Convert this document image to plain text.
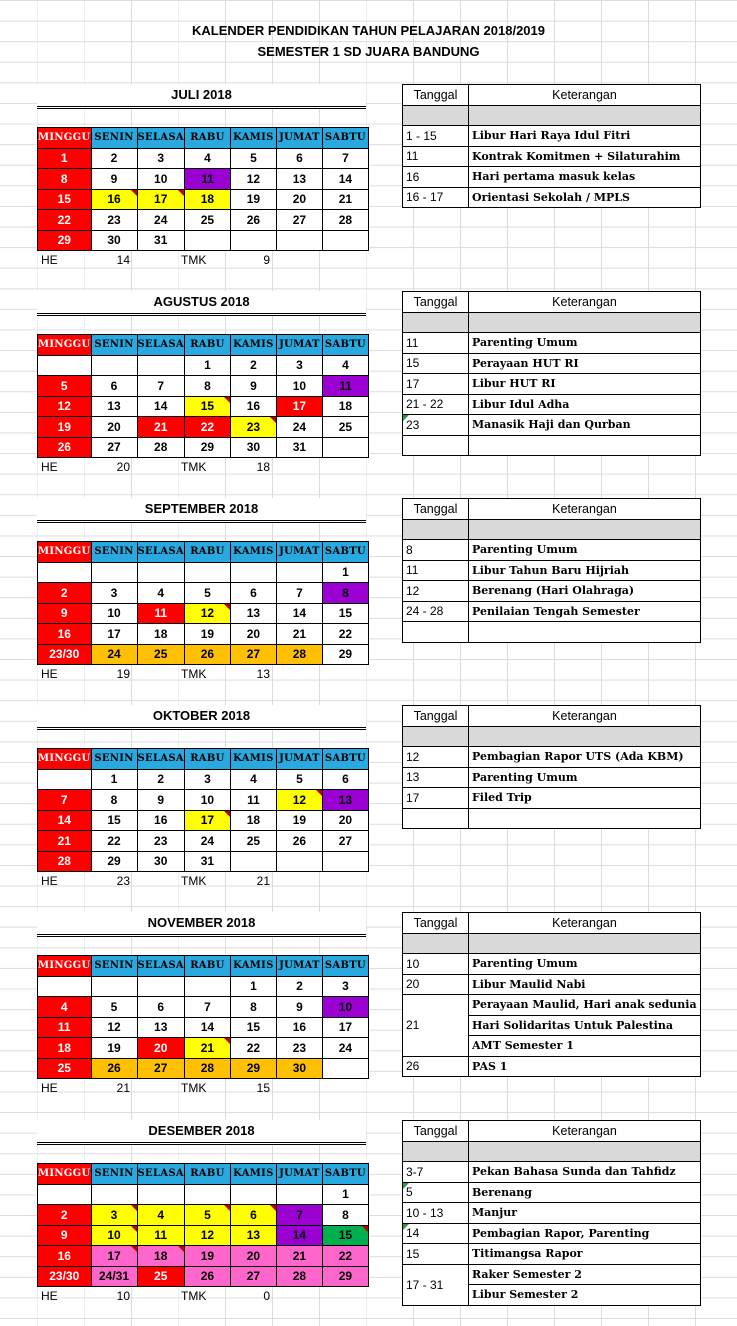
KALENDER PENDIDIKAN TAHUN PELAJARAN 2018/2019
SEMESTER 1 SD JUARA BANDUNG
JULI 2018
MINGGU	SENIN	SELASA	RABU	KAMIS	JUMAT	SABTU
1	2	3	4	5	6	7
8	9	10	11	12	13	14
15	16	17	18	19	20	21
22	23	24	25	26	27	28
29	30	31				
HE	14	TMK	9
Tanggal	Keterangan

1 - 15	Libur Hari Raya Idul Fitri
11	Kontrak Komitmen + Silaturahim
16	Hari pertama masuk kelas
16 - 17	Orientasi Sekolah / MPLS
AGUSTUS 2018
MINGGU	SENIN	SELASA	RABU	KAMIS	JUMAT	SABTU
			1	2	3	4
5	6	7	8	9	10	11
12	13	14	15	16	17	18
19	20	21	22	23	24	25
26	27	28	29	30	31	
HE	20	TMK	18
Tanggal	Keterangan

11	Parenting Umum
15	Perayaan HUT RI
17	Libur HUT RI
21 - 22	Libur Idul Adha
23	Manasik Haji dan Qurban

SEPTEMBER 2018
MINGGU	SENIN	SELASA	RABU	KAMIS	JUMAT	SABTU
						1
2	3	4	5	6	7	8
9	10	11	12	13	14	15
16	17	18	19	20	21	22
23/30	24	25	26	27	28	29
HE	19	TMK	13
Tanggal	Keterangan

8	Parenting Umum
11	Libur Tahun Baru Hijriah
12	Berenang (Hari Olahraga)
24 - 28	Penilaian Tengah Semester

OKTOBER 2018
MINGGU	SENIN	SELASA	RABU	KAMIS	JUMAT	SABTU
	1	2	3	4	5	6
7	8	9	10	11	12	13
14	15	16	17	18	19	20
21	22	23	24	25	26	27
28	29	30	31			
HE	23	TMK	21
Tanggal	Keterangan

12	Pembagian Rapor UTS (Ada KBM)
13	Parenting Umum
17	Filed Trip

NOVEMBER 2018
MINGGU	SENIN	SELASA	RABU	KAMIS	JUMAT	SABTU
				1	2	3
4	5	6	7	8	9	10
11	12	13	14	15	16	17
18	19	20	21	22	23	24
25	26	27	28	29	30	
HE	21	TMK	15
Tanggal	Keterangan

10	Parenting Umum
20	Libur Maulid Nabi
21	Perayaan Maulid, Hari anak sedunia
	Hari Solidaritas Untuk Palestina
	AMT Semester 1
26	PAS 1
DESEMBER 2018
MINGGU	SENIN	SELASA	RABU	KAMIS	JUMAT	SABTU
						1
2	3	4	5	6	7	8
9	10	11	12	13	14	15
16	17	18	19	20	21	22
23/30	24/31	25	26	27	28	29
HE	10	TMK	0
Tanggal	Keterangan

3-7	Pekan Bahasa Sunda dan Tahfidz
5	Berenang
10 - 13	Manjur
14	Pembagian Rapor, Parenting
15	Titimangsa Rapor
17 - 31	Raker Semester 2
	Libur Semester 2
